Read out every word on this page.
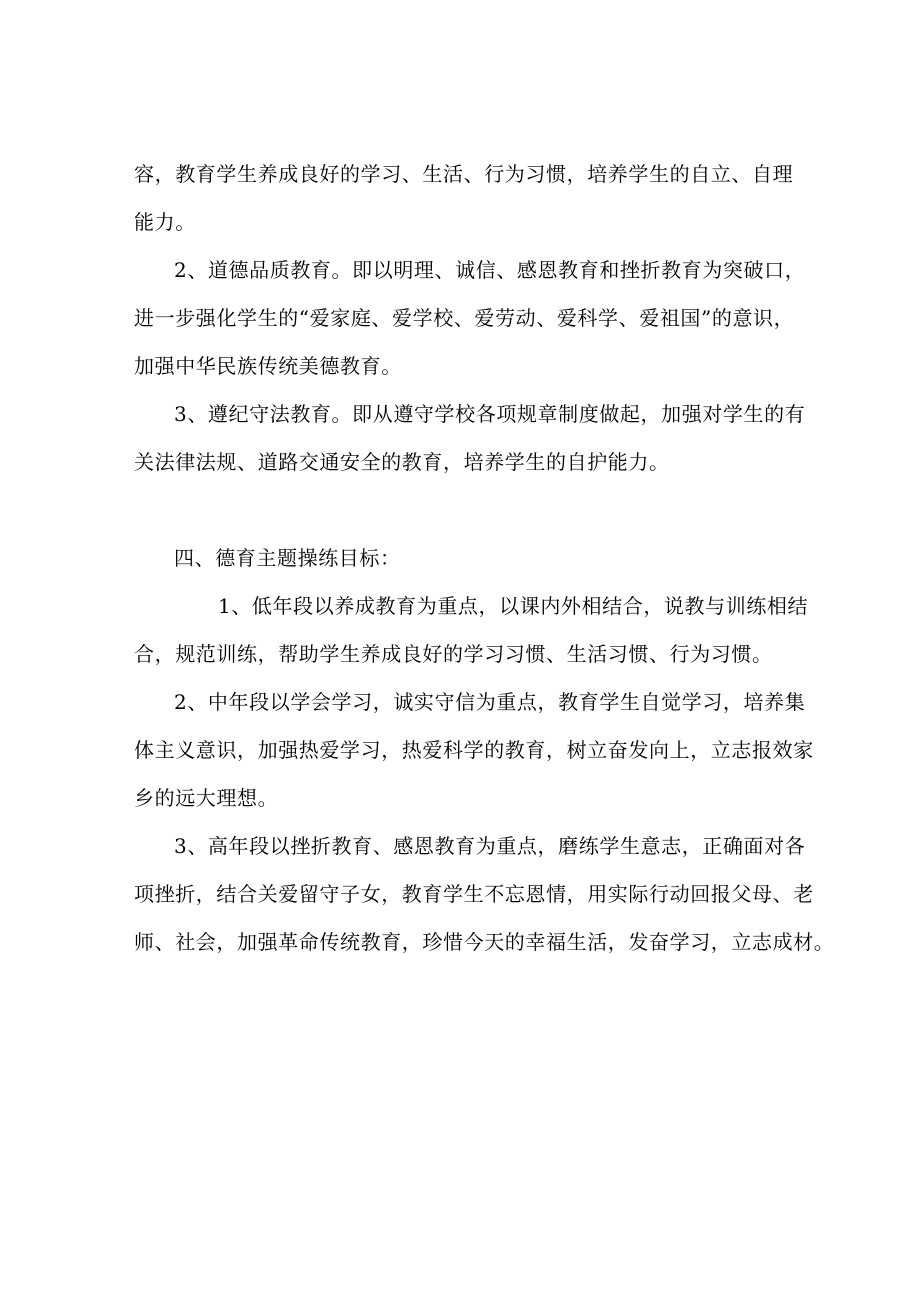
容，教育学生养成良好的学习、生活、行为习惯，培养学生的自立、自理

能力。

2、道德品质教育。即以明理、诚信、感恩教育和挫折教育为突破口，

进一步强化学生的“爱家庭、爱学校、爱劳动、爱科学、爱祖国”的意识，

加强中华民族传统美德教育。

3、遵纪守法教育。即从遵守学校各项规章制度做起，加强对学生的有

关法律法规、道路交通安全的教育，培养学生的自护能力。

四、德育主题操练目标：

1、低年段以养成教育为重点，以课内外相结合，说教与训练相结

合，规范训练，帮助学生养成良好的学习习惯、生活习惯、行为习惯。

2、中年段以学会学习，诚实守信为重点，教育学生自觉学习，培养集

体主义意识，加强热爱学习，热爱科学的教育，树立奋发向上，立志报效家

乡的远大理想。

3、高年段以挫折教育、感恩教育为重点，磨练学生意志，正确面对各

项挫折，结合关爱留守子女，教育学生不忘恩情，用实际行动回报父母、老

师、社会，加强革命传统教育，珍惜今天的幸福生活，发奋学习，立志成材。
